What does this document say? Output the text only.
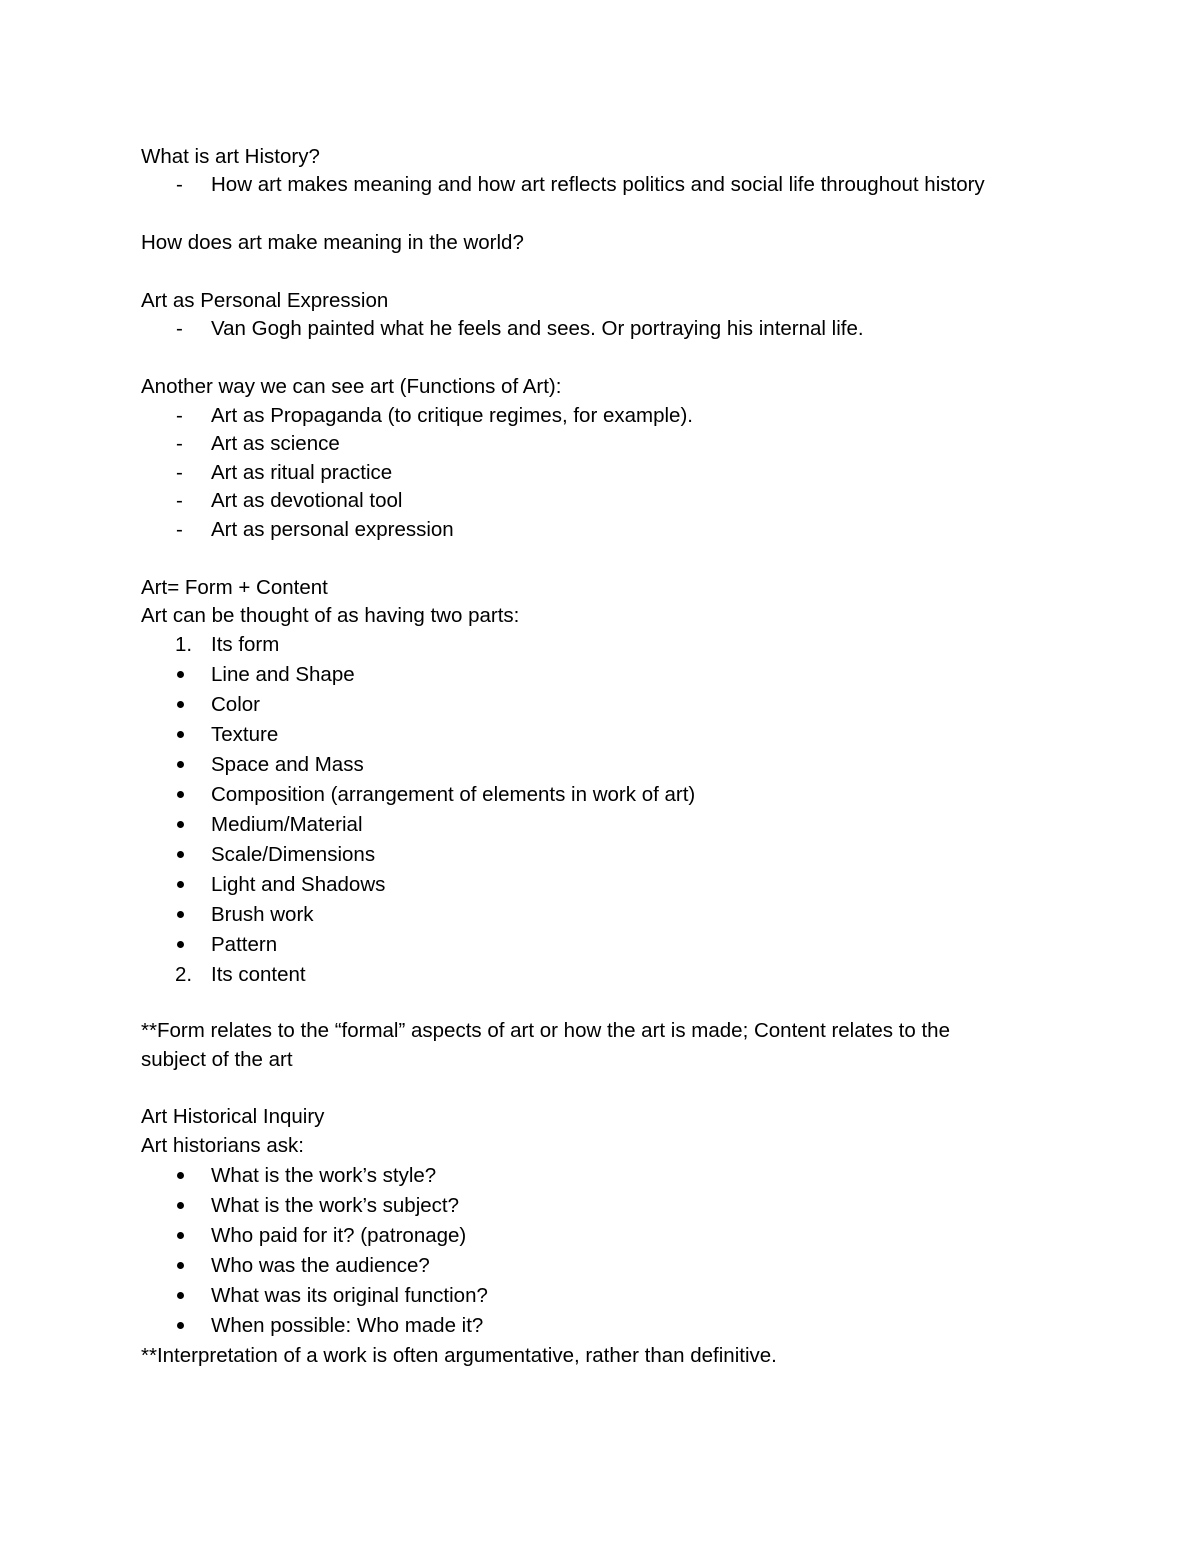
What is art History?
-	How art makes meaning and how art reflects politics and social life throughout history
How does art make meaning in the world?
Art as Personal Expression
-	Van Gogh painted what he feels and sees. Or portraying his internal life.
Another way we can see art (Functions of Art):
-	Art as Propaganda (to critique regimes, for example).
-	Art as science
-	Art as ritual practice
-	Art as devotional tool
-	Art as personal expression
Art= Form + Content
Art can be thought of as having two parts:
1. Its form
Line and Shape
Color
Texture
Space and Mass
Composition (arrangement of elements in work of art)
Medium/Material
Scale/Dimensions
Light and Shadows
Brush work
Pattern
2. Its content
**Form relates to the “formal” aspects of art or how the art is made; Content relates to the
subject of the art
Art Historical Inquiry
Art historians ask:
What is the work’s style?
What is the work’s subject?
Who paid for it? (patronage)
Who was the audience?
What was its original function?
When possible: Who made it?
**Interpretation of a work is often argumentative, rather than definitive.
